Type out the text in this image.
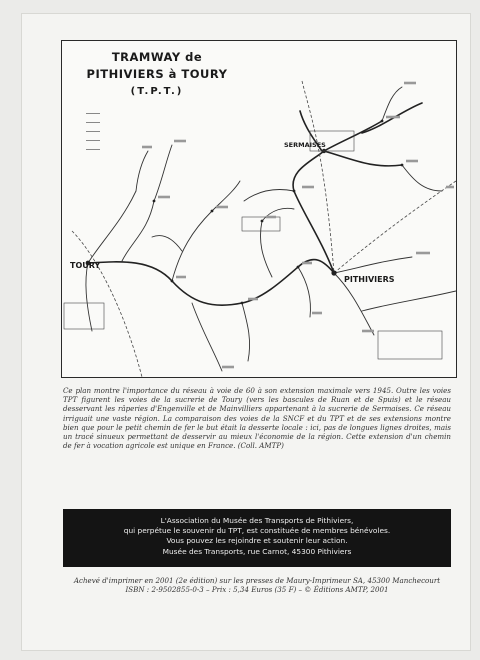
TRAMWAY de
PITHIVIERS à TOURY
(T.P.T.)
TOURY
PITHIVIERS
SERMAISES
Ce plan montre l'importance du réseau à voie de 60 à son extension maximale vers 1945. Outre les voies TPT figurent les voies de la sucrerie de Toury (vers les bascules de Ruan et de Spuis) et le réseau desservant les râperies d'Engenville et de Mainvilliers appartenant à la sucrerie de Sermaises. Ce réseau irriguait une vaste région. La comparaison des voies de la SNCF et du TPT et de ses extensions montre bien que pour le petit chemin de fer le but était la desserte locale : ici, pas de longues lignes droites, mais un tracé sinueux permettant de desservir au mieux l'économie de la région. Cette extension d'un chemin de fer à vocation agricole est unique en France. (Coll. AMTP)
L'Association du Musée des Transports de Pithiviers,
qui perpétue le souvenir du TPT, est constituée de membres bénévoles.
Vous pouvez les rejoindre et soutenir leur action.
Musée des Transports, rue Carnot, 45300 Pithiviers
Achevé d'imprimer en 2001 (2e édition) sur les presses de Maury-Imprimeur SA, 45300 Manchecourt
ISBN : 2-9502855-0-3 – Prix : 5,34 Euros (35 F) – © Éditions AMTP, 2001
